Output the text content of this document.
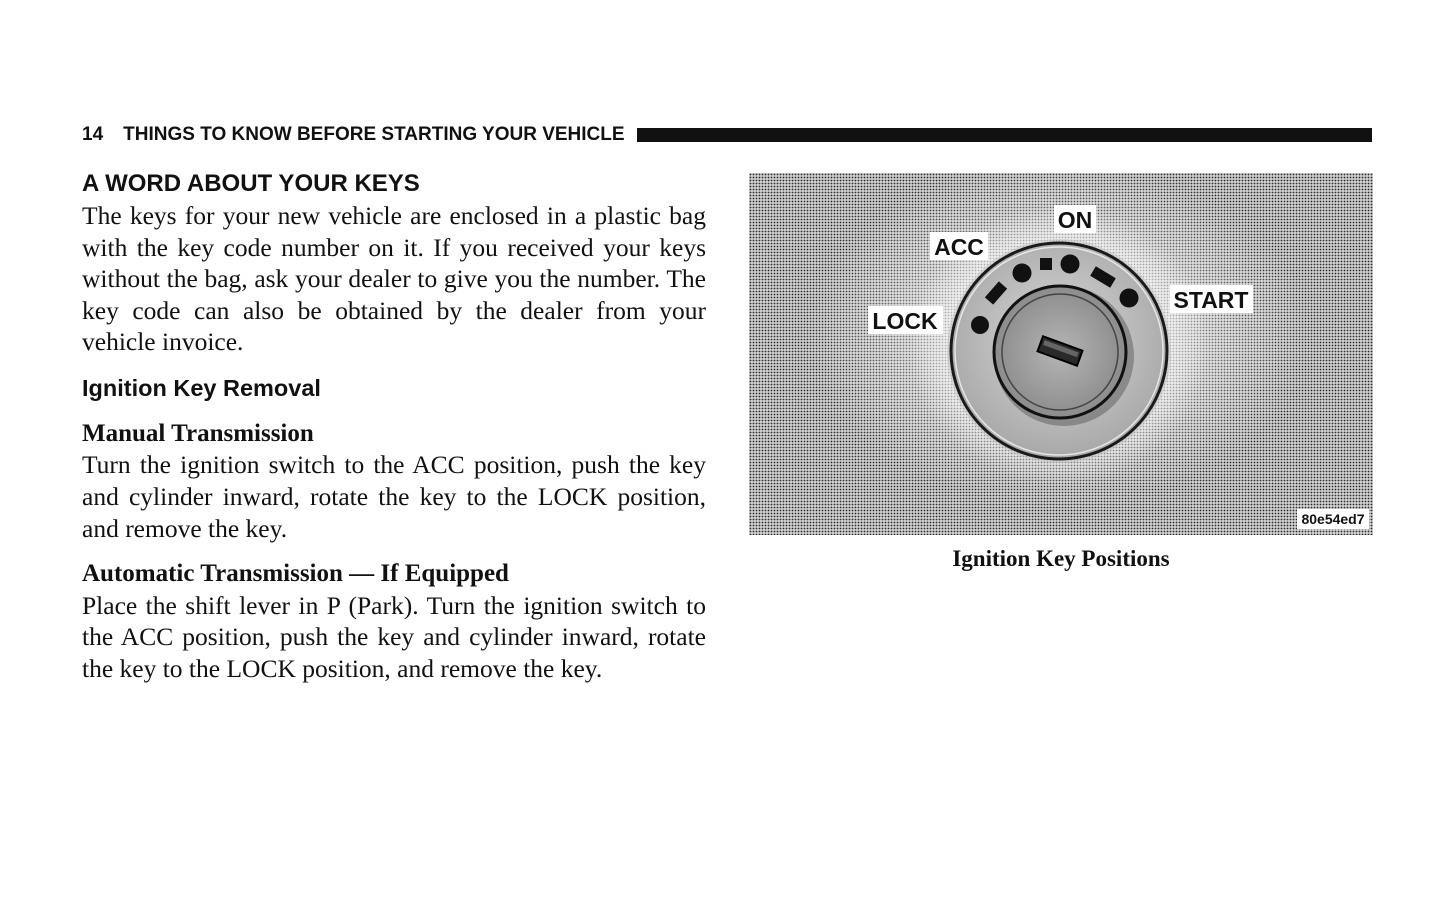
14 THINGS TO KNOW BEFORE STARTING YOUR VEHICLE
A WORD ABOUT YOUR KEYS

The keys for your new vehicle are enclosed in a plastic bag with the key code number on it. If you received your keys without the bag, ask your dealer to give you the number. The key code can also be obtained by the dealer from your vehicle invoice.

Ignition Key Removal
Manual Transmission

Turn the ignition switch to the ACC position, push the key and cylinder inward, rotate the key to the LOCK position, and remove the key.

Automatic Transmission — If Equipped

Place the shift lever in P (Park). Turn the ignition switch to the ACC position, push the key and cylinder inward, rotate the key to the LOCK position, and remove the key.

ON
ACC
LOCK
START
80e54ed7
Ignition Key Positions
